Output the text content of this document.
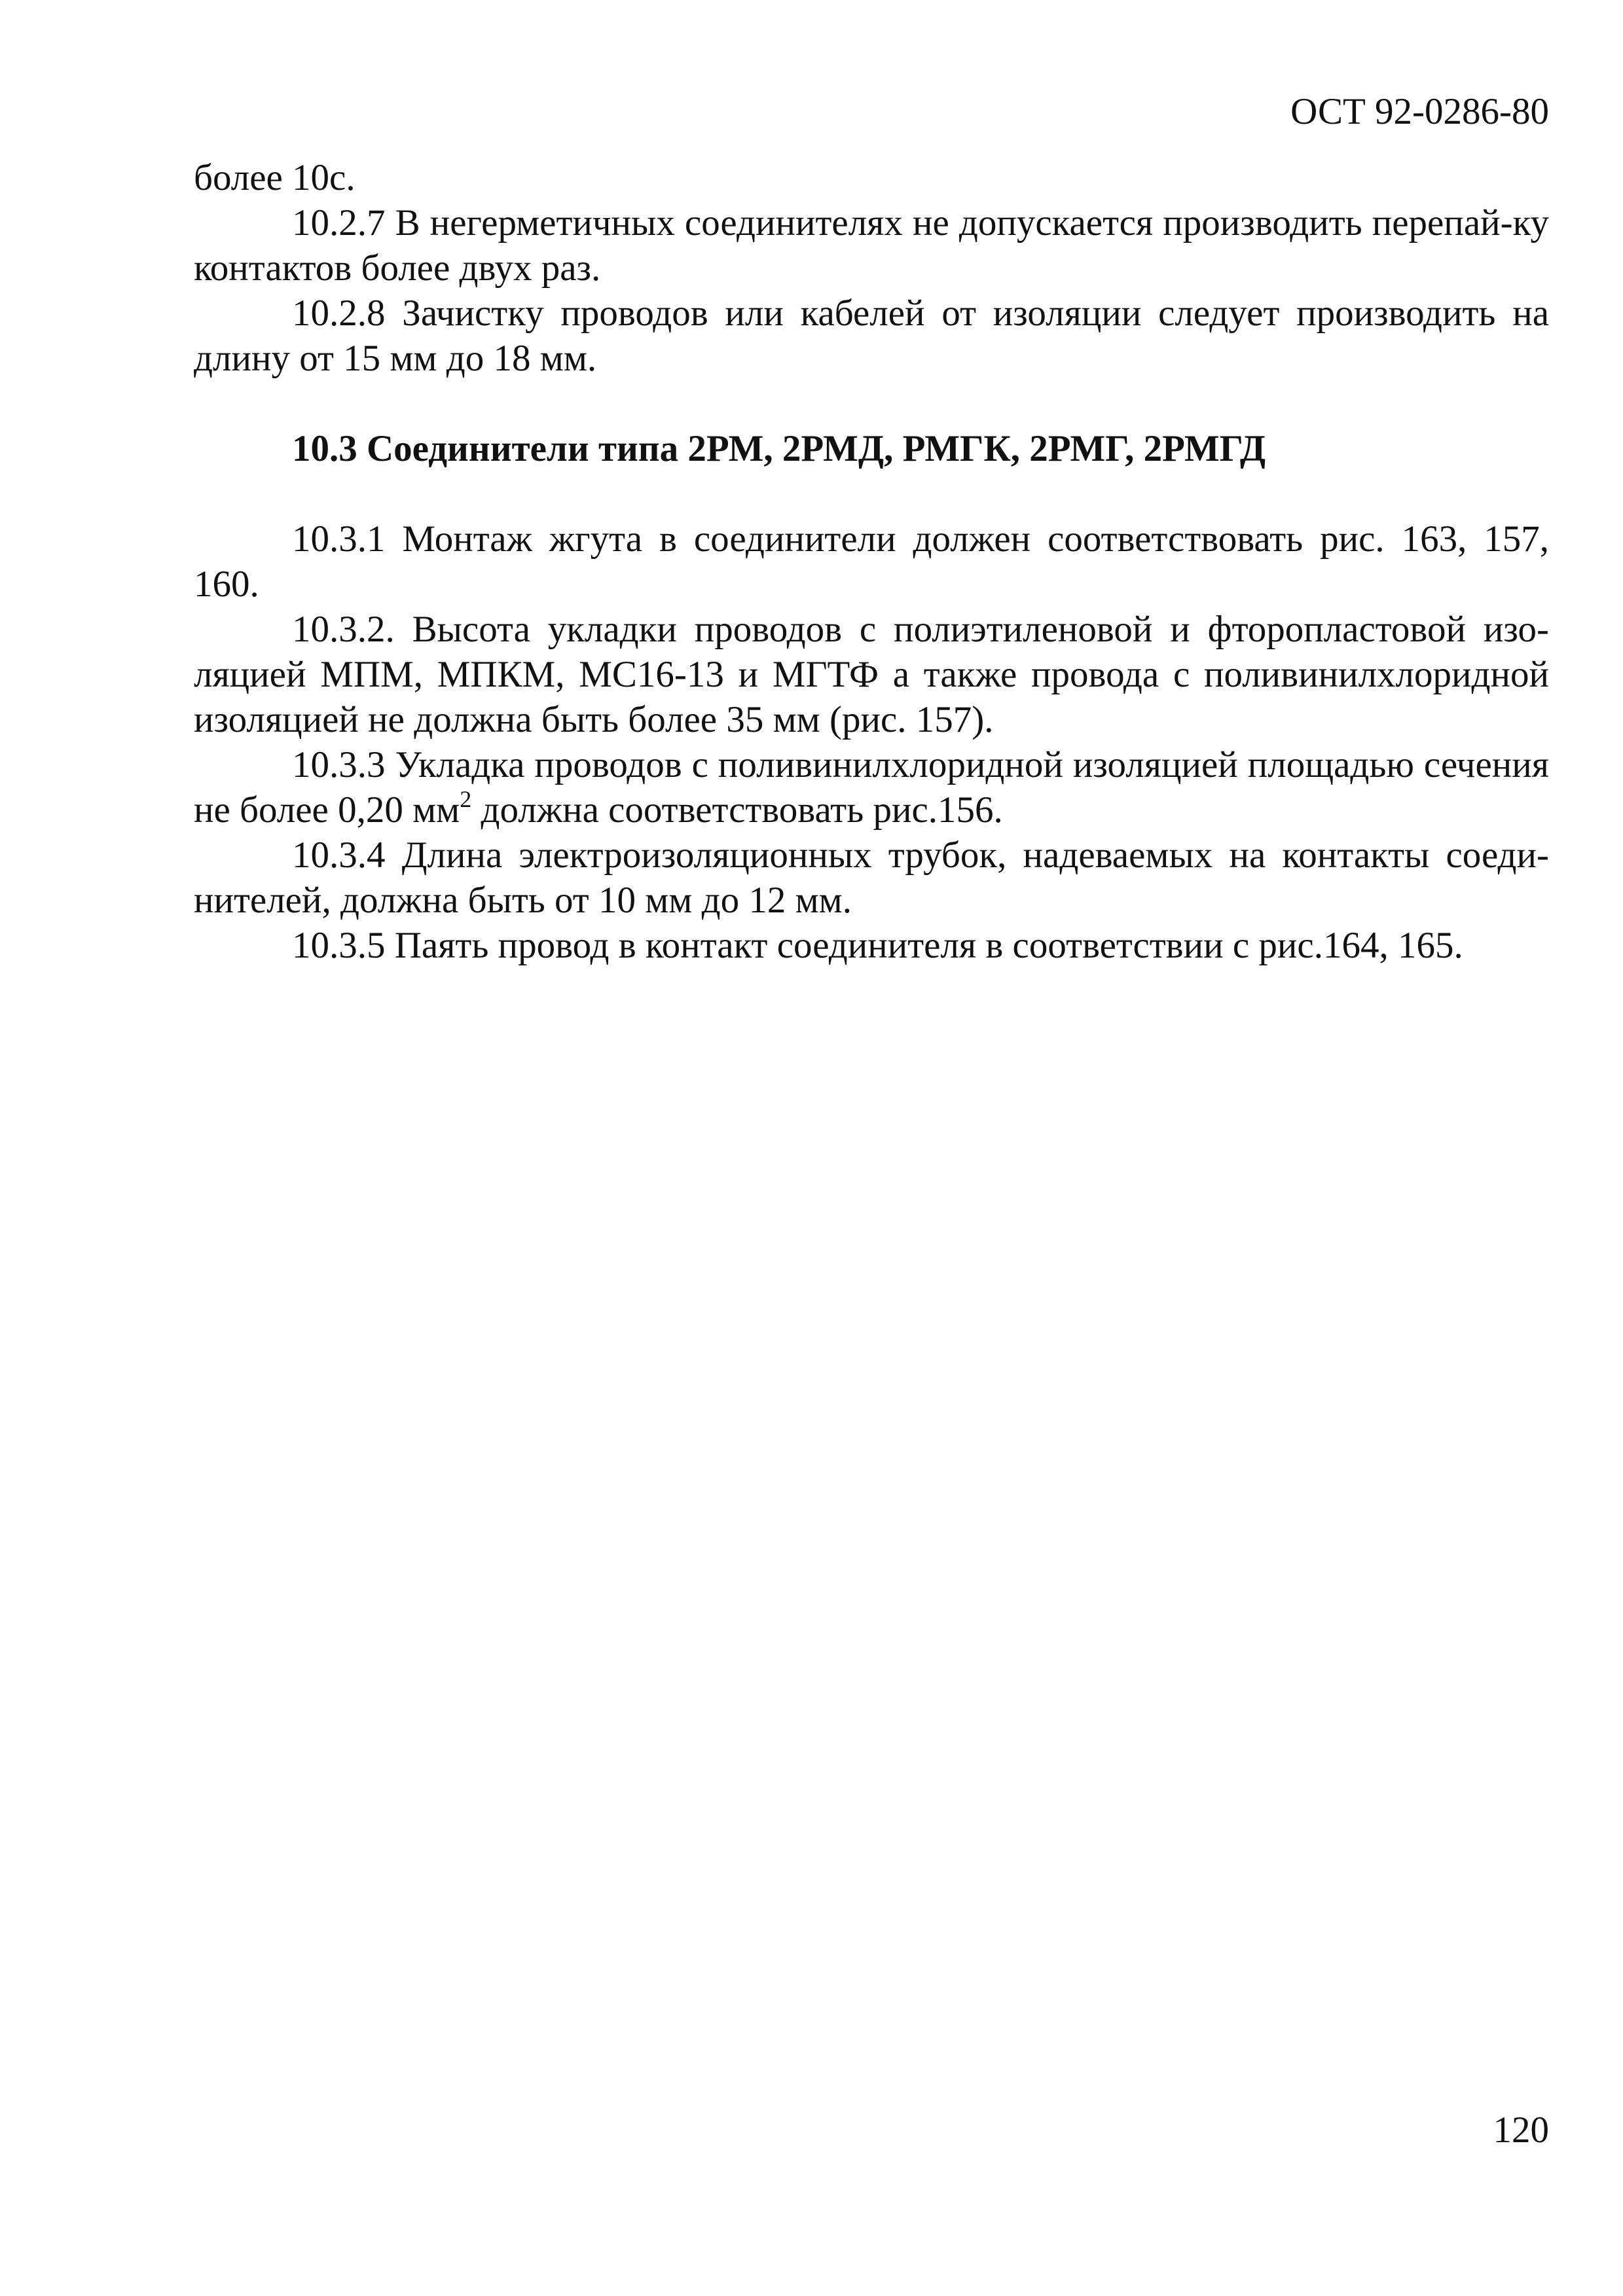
ОСТ 92-0286-80

более 10с.

10.2.7 В негерметичных соединителях не допускается производить перепай-ку контактов более двух раз.

10.2.8 Зачистку проводов или кабелей от изоляции следует производить на длину от 15 мм до 18 мм.

10.3 Соединители типа 2РМ, 2РМД, РМГК, 2РМГ, 2РМГД

10.3.1 Монтаж жгута в соединители должен соответствовать рис. 163, 157, 160.

10.3.2. Высота укладки проводов с полиэтиленовой и фторопластовой изо-ляцией МПМ, МПКМ, МС16-13 и МГТФ а также провода с поливинилхлоридной изоляцией не должна быть более 35 мм (рис. 157).

10.3.3 Укладка проводов с поливинилхлоридной изоляцией площадью сечения не более 0,20 $мм^2$ должна соответствовать рис.156.

10.3.4 Длина электроизоляционных трубок, надеваемых на контакты соеди-нителей, должна быть от 10 мм до 12 мм.

10.3.5 Паять провод в контакт соединителя в соответствии с рис.164, 165.

120
